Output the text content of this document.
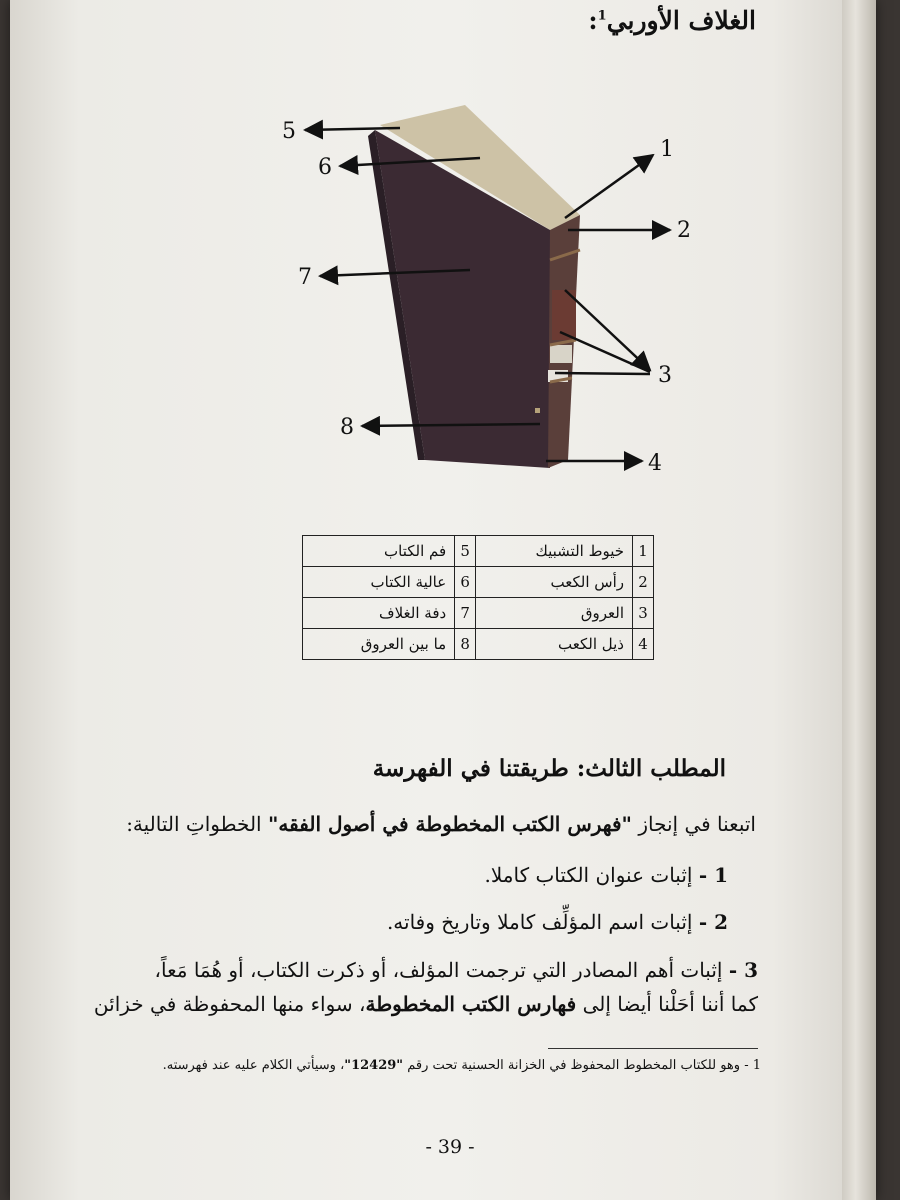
الغلاف الأوربي$^1$:
1
2
3
4
5
6
7
8
1	خيوط التشبيك	5	فم الكتاب
2	رأس الكعب	6	عالية الكتاب
3	العروق	7	دفة الغلاف
4	ذيل الكعب	8	ما بين العروق
المطلب الثالث: طريقتنا في الفهرسة
اتبعنا في إنجاز "فهرس الكتب المخطوطة في أصول الفقه" الخطواتِ التالية:
1 - إثبات عنوان الكتاب كاملا.
2 - إثبات اسم المؤلِّف كاملا وتاريخ وفاته.
3 - إثبات أهم المصادر التي ترجمت المؤلف، أو ذكرت الكتاب، أو هُمَا مَعاً،
كما أننا أحَلْنا أيضا إلى فهارس الكتب المخطوطة، سواء منها المحفوظة في خزائن
1 - وهو للكتاب المخطوط المحفوظ في الخزانة الحسنية تحت رقم "12429"، وسيأتي الكلام عليه عند فهرسته.
- 39 -
